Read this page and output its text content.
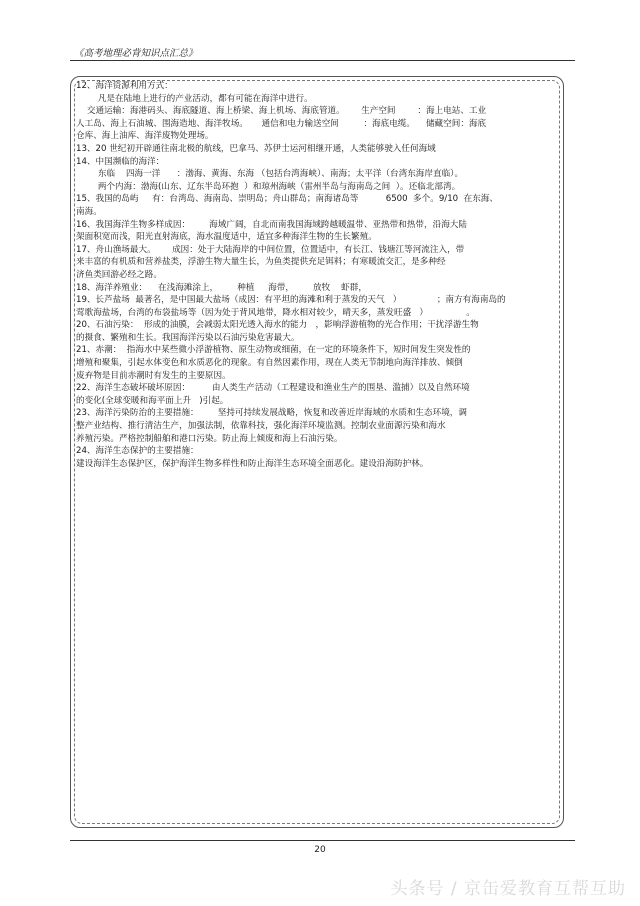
《高考地理必背知识点汇总》
12、海洋资源利用方式：
凡是在陆地上进行的产业活动，都有可能在海洋中进行。
交通运输：海港码头、海底隧道、海上桥梁、海上机场、海底管道。      生产空间        ：海上电站、工业
人工岛、海上石油城、围海造地、海洋牧场。     通信和电力输送空间         ：海底电缆。    储藏空间：海底
仓库、海上油库、海洋废物处理场。
13、20 世纪初开辟通往南北极的航线，巴拿马、苏伊士运河相继开通，人类能够驶入任何海域
14、中国濒临的海洋：
东临    四海一洋      ：渤海、黄海、东海 （包括台湾海峡）、南海；太平洋（台湾东海岸直临）。
两个内海：渤海(山东、辽东半岛环抱  ）和琼州海峡（雷州半岛与海南岛之间  ）。还临北部湾。
15、我国的岛屿     有：台湾岛、海南岛、崇明岛；舟山群岛；南海诸岛等          6500  多个。9/10  在东海、
南海。
16、我国海洋生物多样成因：       海域广阔，自北而南我国海域跨越暖温带、亚热带和热带，沿海大陆
架面积宽而浅，阳光直射海底，海水温度适中，适宜多种海洋生物的生长繁殖。
17、舟山渔场最大。      成因：处于大陆海岸的中间位置，位置适中，有长江、钱塘江等河流注入，带
来丰富的有机质和营养盐类，浮游生物大量生长，为鱼类提供充足铒料；有寒暖流交汇，是多种经
济鱼类回游必经之路。
18、海洋养殖业：    在浅海滩涂上，       种植     海带，       放牧    虾群，
19、长芦盐场  最著名，是中国最大盐场（成因：有平坦的海滩和利于蒸发的天气   ）             ；南方有海南岛的
莺歌海盐场，台湾的布袋盐场等（因为处于背风地带，降水相对较少，晴天多，蒸发旺盛   ）              。
20、石油污染：  形成的油膜，会减弱太阳光透入海水的能力   ，影响浮游植物的光合作用；干扰浮游生物
的摄食、繁殖和生长。我国海洋污染以石油污染危害最大。
21、赤潮：  指海水中某些微小浮游植物、原生动物或细菌，在一定的环境条件下，短时间发生突发性的
增殖和聚集，引起水体变色和水质恶化的现象。有自然因素作用，现在人类无节制地向海洋排放、倾倒
废弃物是目前赤潮时有发生的主要原因。
22、海洋生态破坏破坏原因：        由人类生产活动（工程建设和渔业生产的围垦、滥捕）以及自然环境
的变化(全球变暖和海平面上升   )引起。
23、海洋污染防治的主要措施：       坚持可持续发展战略，恢复和改善近岸海域的水质和生态环境，调
整产业结构、推行清洁生产，加强法制，依靠科技，强化海洋环境监测。控制农业面源污染和海水
养殖污染。严格控制船舶和港口污染。防止海上倾废和海上石油污染。
24、海洋生态保护的主要措施：
建设海洋生态保护区，保护海洋生物多样性和防止海洋生态环境全面恶化。建设沿海防护林。
20
头条号 / 京缶爱教育互帮互助
